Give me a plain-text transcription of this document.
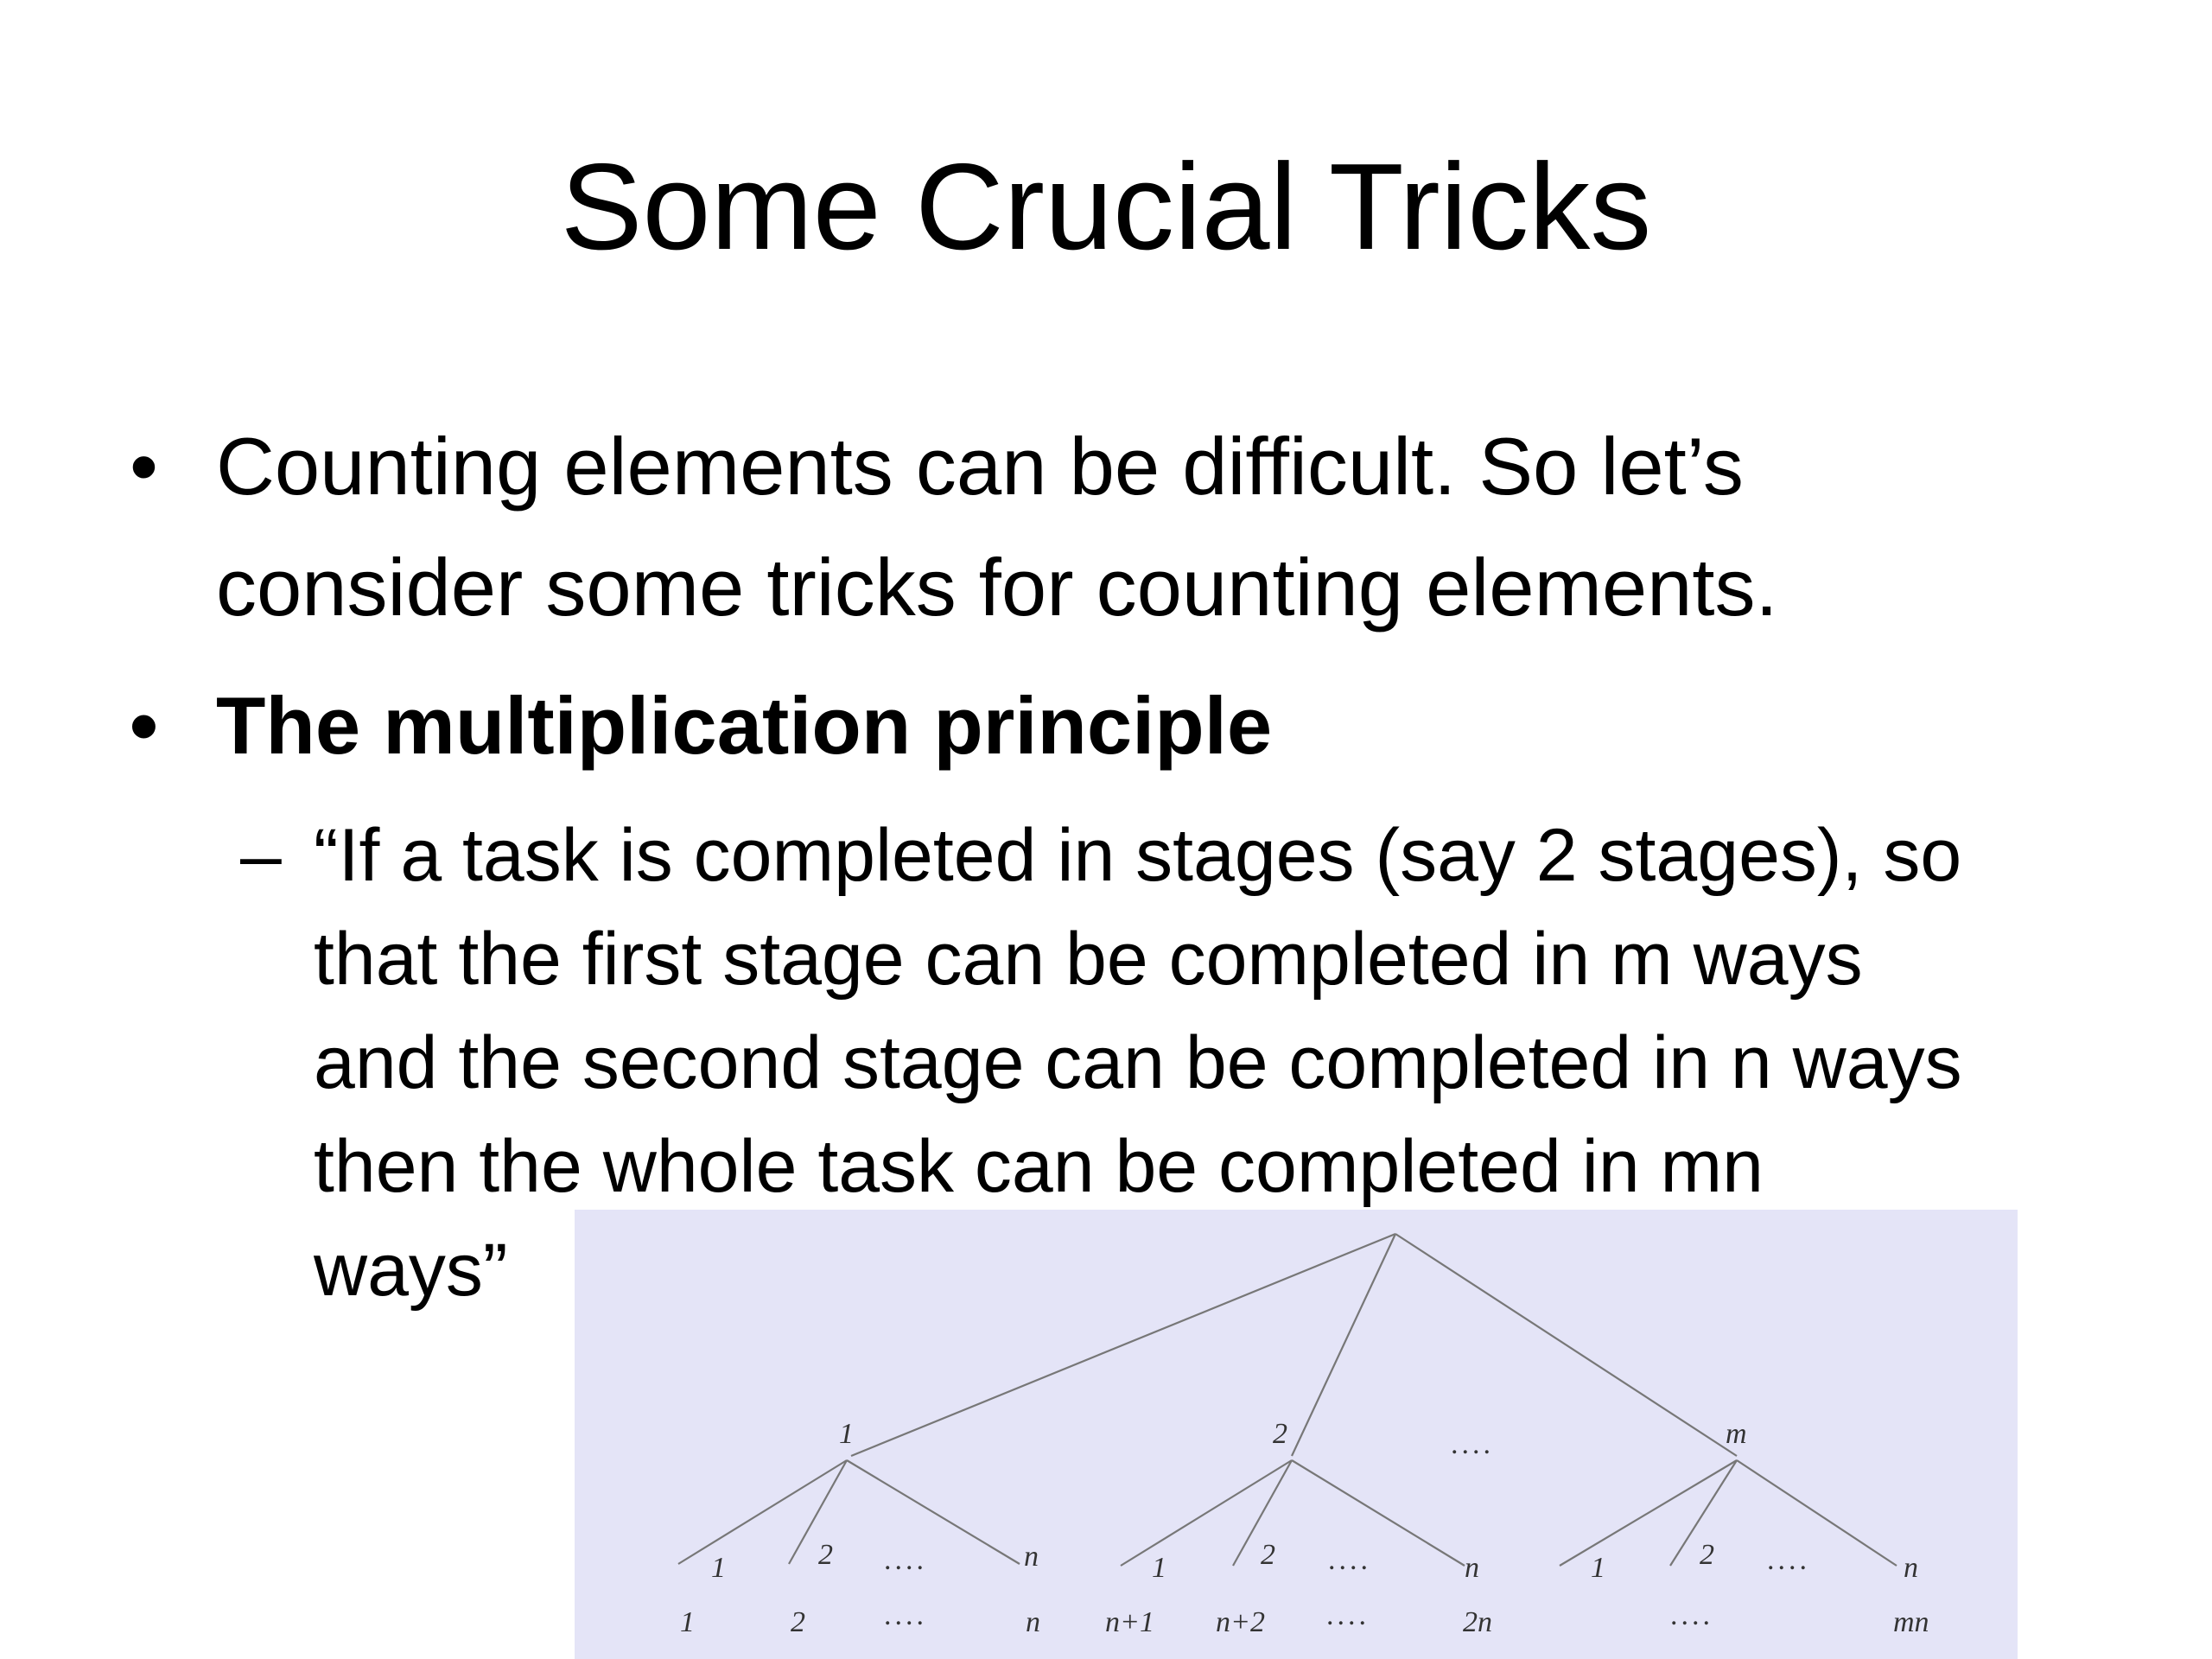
Some Crucial Tricks
• Counting elements can be difficult. So let’s
consider some tricks for counting elements.
• The multiplication principle
– “If a task is completed in stages (say 2 stages), so
that the first stage can be completed in m ways
and the second stage can be completed in n ways
then the whole task can be completed in mn
ways”
1	2	m
....
1	2 ....	n	1	2 ....	n	1	2 ....	n
1	2	....	n n+1 n+2 ....	2n	....	mn
